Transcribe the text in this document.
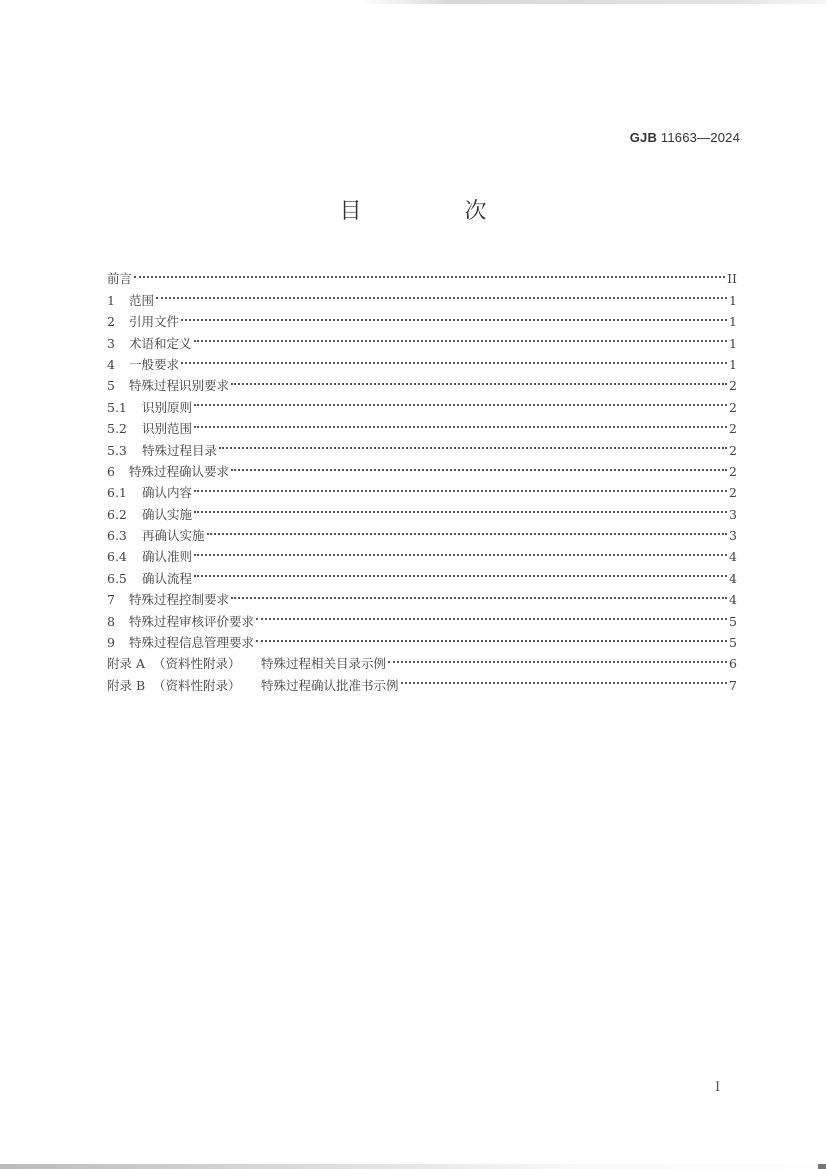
GJB 11663—2024
目 次
前言	II
1	范围	1
2	引用文件	1
3	术语和定义	1
4	一般要求	1
5	特殊过程识别要求	2
5.1	识别原则	2
5.2	识别范围	2
5.3	特殊过程目录	2
6	特殊过程确认要求	2
6.1	确认内容	2
6.2	确认实施	3
6.3	再确认实施	3
6.4	确认准则	4
6.5	确认流程	4
7	特殊过程控制要求	4
8	特殊过程审核评价要求	5
9	特殊过程信息管理要求	5
附录 A （资料性附录）	特殊过程相关目录示例	6
附录 B （资料性附录）	特殊过程确认批准书示例	7
I
